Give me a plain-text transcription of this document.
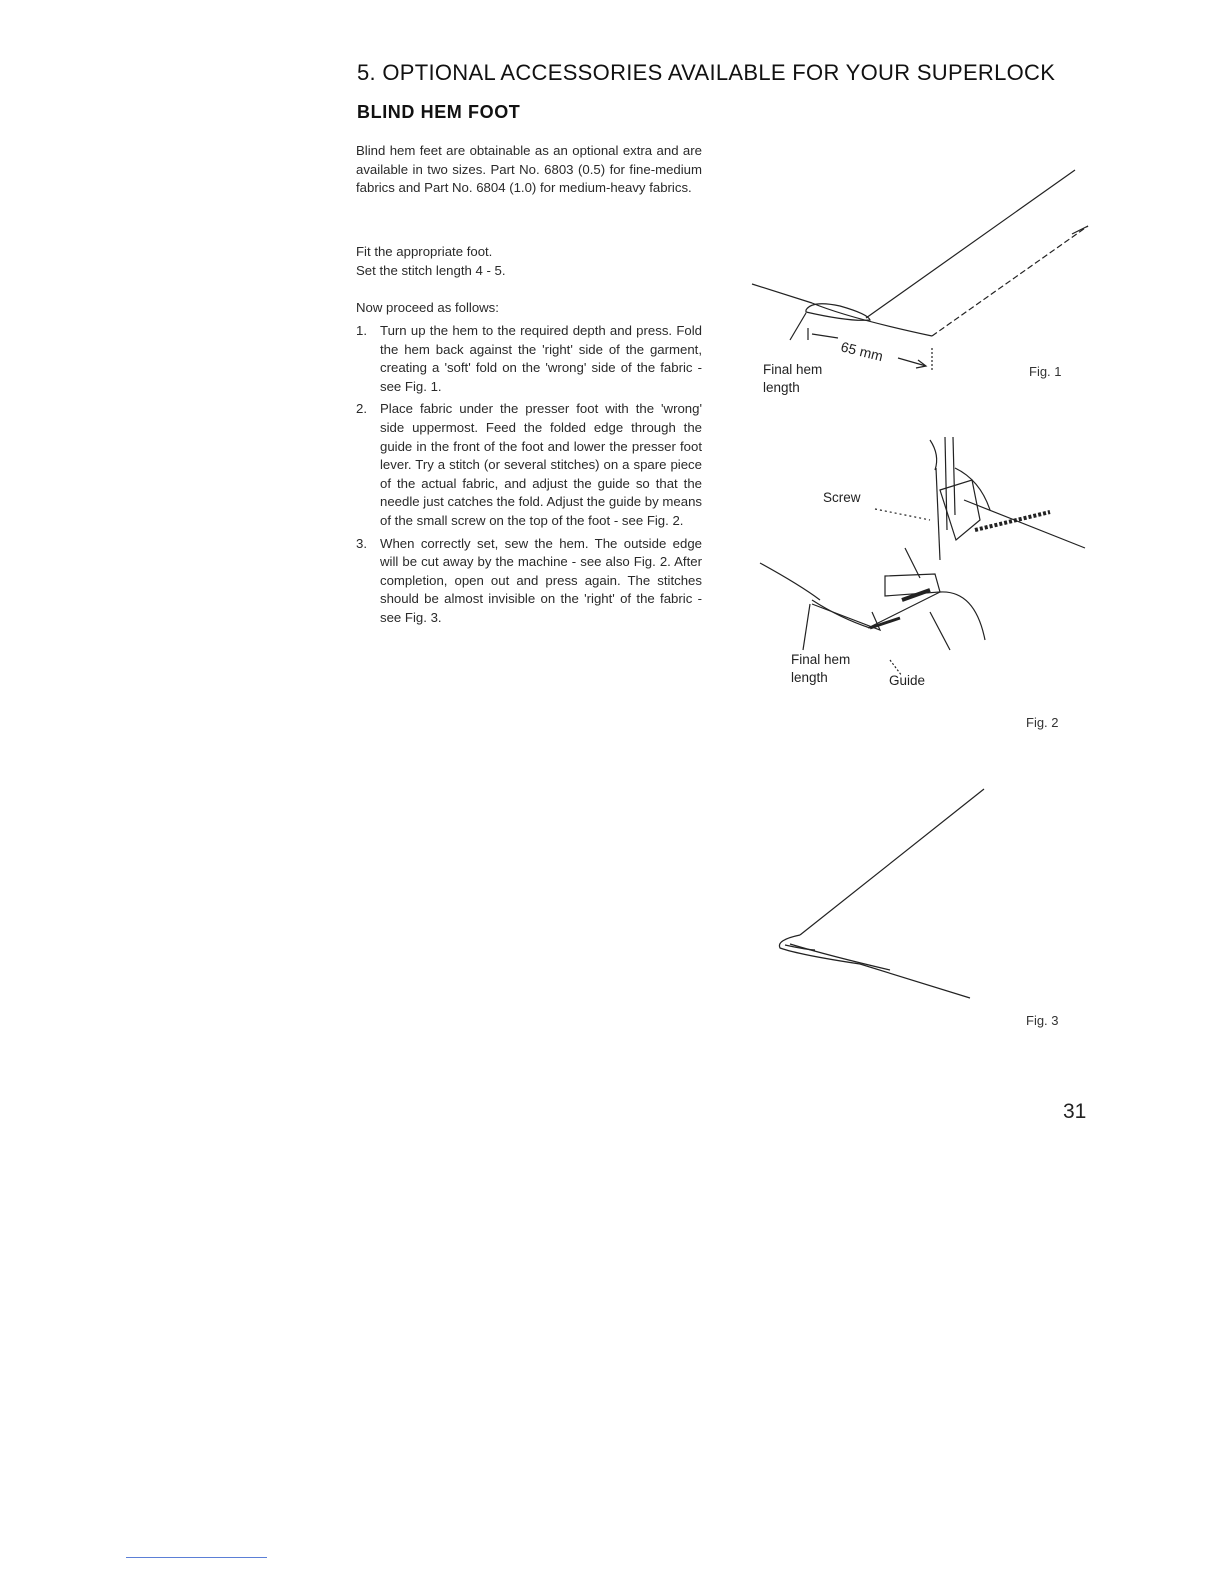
5. OPTIONAL ACCESSORIES AVAILABLE FOR YOUR SUPERLOCK
BLIND HEM FOOT
Blind hem feet are obtainable as an optional extra and are available in two sizes. Part No. 6803 (0.5) for fine-medium fabrics and Part No. 6804 (1.0) for medium-heavy fabrics.
Fit the appropriate foot.
Set the stitch length 4 - 5.
Now proceed as follows:
1. Turn up the hem to the required depth and press. Fold the hem back against the 'right' side of the garment, creating a 'soft' fold on the 'wrong' side of the fabric - see Fig. 1.
2. Place fabric under the presser foot with the 'wrong' side uppermost. Feed the folded edge through the guide in the front of the foot and lower the presser foot lever. Try a stitch (or several stitches) on a spare piece of the actual fabric, and adjust the guide so that the needle just catches the fold. Adjust the guide by means of the small screw on the top of the foot - see Fig. 2.
3. When correctly set, sew the hem. The outside edge will be cut away by the machine - see also Fig. 2. After completion, open out and press again. The stitches should be almost invisible on the 'right' of the fabric - see Fig. 3.
65 mm
Final hem
length
Fig. 1
Screw
Final hem
length	Guide
Fig. 2
Fig. 3
31
